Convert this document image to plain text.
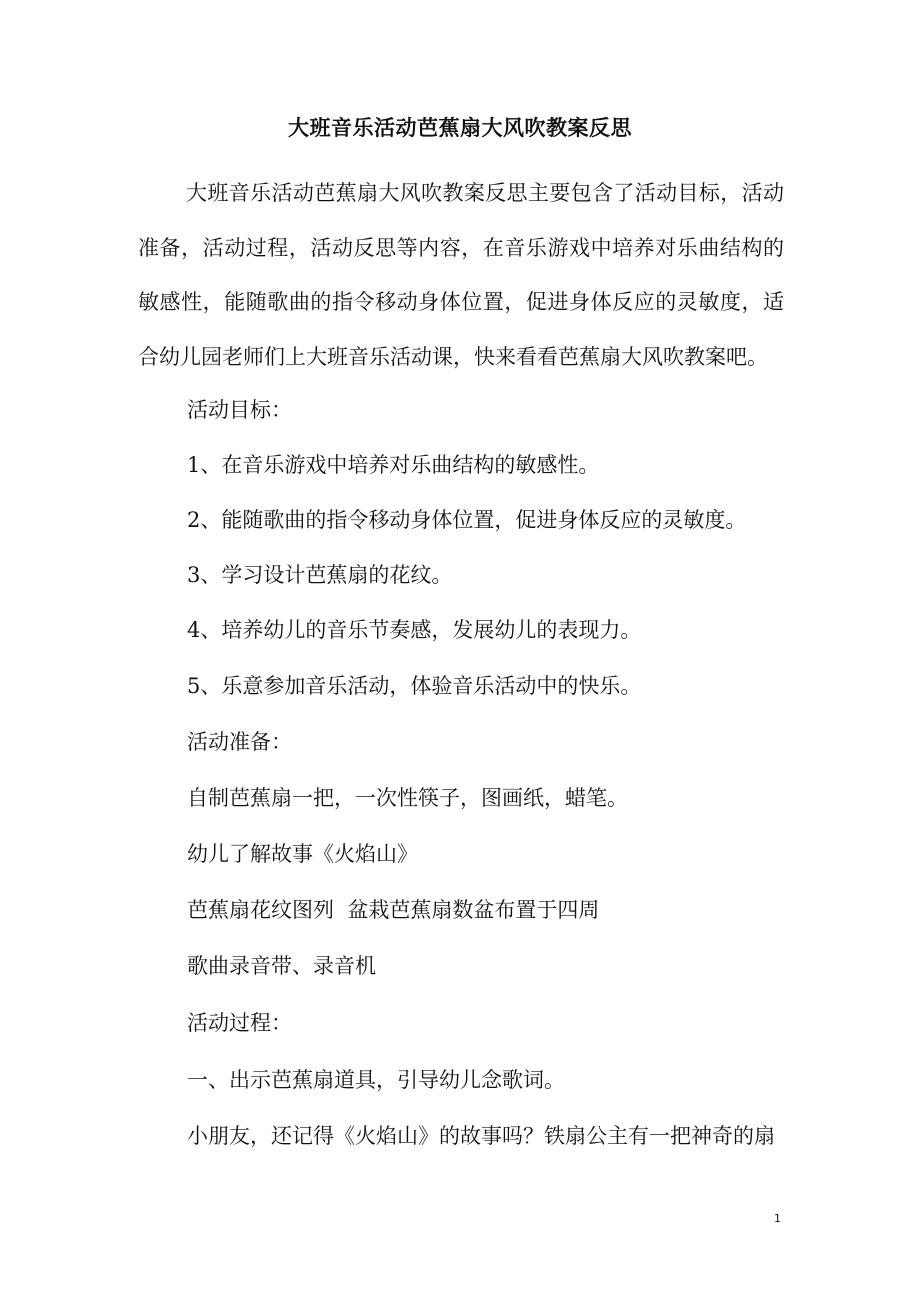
大班音乐活动芭蕉扇大风吹教案反思
大班音乐活动芭蕉扇大风吹教案反思主要包含了活动目标，活动准备，活动过程，活动反思等内容，在音乐游戏中培养对乐曲结构的敏感性，能随歌曲的指令移动身体位置，促进身体反应的灵敏度，适合幼儿园老师们上大班音乐活动课，快来看看芭蕉扇大风吹教案吧。
活动目标：
1、在音乐游戏中培养对乐曲结构的敏感性。
2、能随歌曲的指令移动身体位置，促进身体反应的灵敏度。
3、学习设计芭蕉扇的花纹。
4、培养幼儿的音乐节奏感，发展幼儿的表现力。
5、乐意参加音乐活动，体验音乐活动中的快乐。
活动准备：
自制芭蕉扇一把，一次性筷子，图画纸，蜡笔。
幼儿了解故事《火焰山》
芭蕉扇花纹图列  盆栽芭蕉扇数盆布置于四周
歌曲录音带、录音机
活动过程：
一、出示芭蕉扇道具，引导幼儿念歌词。
小朋友，还记得《火焰山》的故事吗？铁扇公主有一把神奇的扇
1
